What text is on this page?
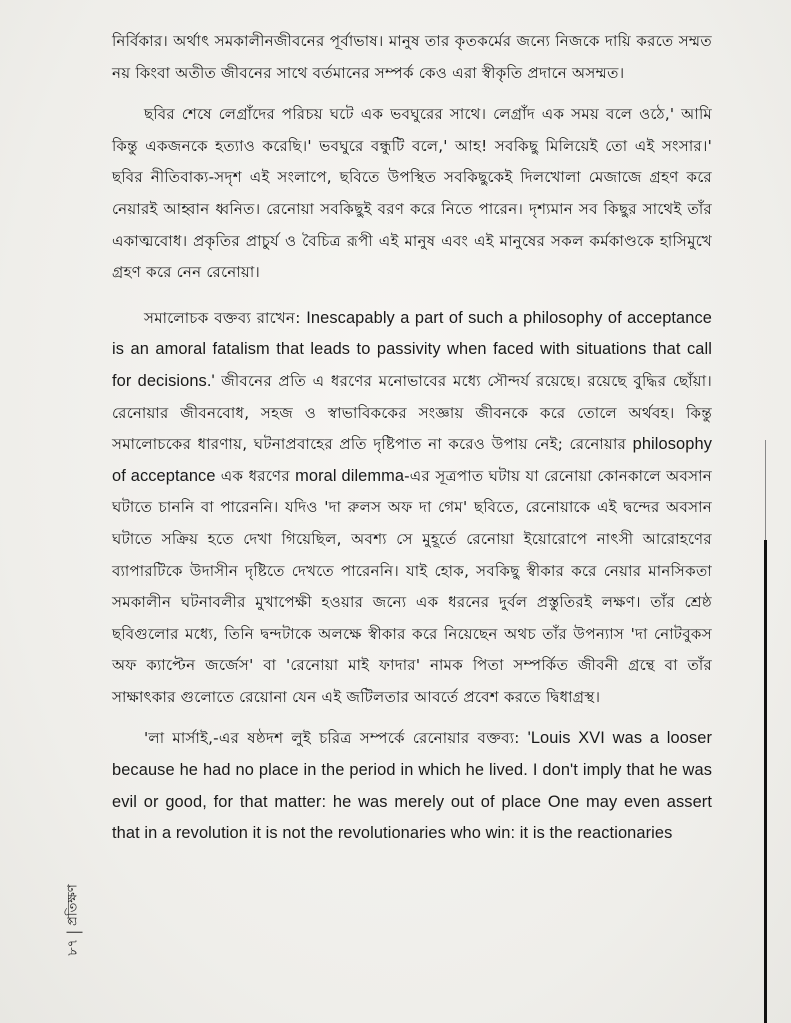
নির্বিকার। অর্থাৎ সমকালীনজীবনের পূর্বাভাষ। মানুষ তার কৃতকর্মের জন্যে নিজকে দায়ি করতে সম্মত নয় কিংবা অতীত জীবনের সাথে বর্তমানের সম্পর্ক কেও এরা স্বীকৃতি প্রদানে অসম্মত।

ছবির শেষে লেগ্রাঁদের পরিচয় ঘটে এক ভবঘুরের সাথে। লেগ্রাঁদ এক সময় বলে ওঠে,' আমি কিন্তু একজনকে হত্যাও করেছি।' ভবঘুরে বন্ধুটি বলে,' আহ! সবকিছু মিলিয়েই তো এই সংসার।' ছবির নীতিবাক্য-সদৃশ এই সংলাপে, ছবিতে উপস্থিত সবকিছুকেই দিলখোলা মেজাজে গ্রহণ করে নেয়ারই আহ্বান ধ্বনিত। রেনোয়া সবকিছুই বরণ করে নিতে পারেন। দৃশ্যমান সব কিছুর সাথেই তাঁর একাত্মবোধ। প্রকৃতির প্রাচুর্য ও বৈচিত্র রূপী এই মানুষ এবং এই মানুষের সকল কর্মকাণ্ডকে হাসিমুখে গ্রহণ করে নেন রেনোয়া।

সমালোচক বক্তব্য রাখেন: Inescapably a part of such a philosophy of acceptance is an amoral fatalism that leads to passivity when faced with situations that call for decisions.' জীবনের প্রতি এ ধরণের মনোভাবের মধ্যে সৌন্দর্য রয়েছে। রয়েছে বুদ্ধির ছোঁয়া। রেনোয়ার জীবনবোধ, সহজ ও স্বাভাবিককের সংজ্ঞায় জীবনকে করে তোলে অর্থবহ। কিন্তু সমালোচকের ধারণায়, ঘটনাপ্রবাহের প্রতি দৃষ্টিপাত না করেও উপায় নেই; রেনোয়ার philosophy of acceptance এক ধরণের moral dilemma-এর সূত্রপাত ঘটায় যা রেনোয়া কোনকালে অবসান ঘটাতে চাননি বা পারেননি। যদিও 'দা রুলস অফ দা গেম' ছবিতে, রেনোয়াকে এই দ্বন্দের অবসান ঘটাতে সক্রিয় হতে দেখা গিয়েছিল, অবশ্য সে মুহূর্তে রেনোয়া ইয়োরোপে নাৎসী আরোহণের ব্যাপারটিকে উদাসীন দৃষ্টিতে দেখতে পারেননি। যাই হোক, সবকিছু স্বীকার করে নেয়ার মানসিকতা সমকালীন ঘটনাবলীর মুখাপেক্ষী হওয়ার জন্যে এক ধরনের দুর্বল প্রস্তুতিরই লক্ষণ। তাঁর শ্রেষ্ঠ ছবিগুলোর মধ্যে, তিনি দ্বন্দটাকে অলক্ষে স্বীকার করে নিয়েছেন অথচ তাঁর উপন্যাস 'দা নোটবুকস অফ ক্যাপ্টেন জর্জেস' বা 'রেনোয়া মাই ফাদার' নামক পিতা সম্পর্কিত জীবনী গ্রন্থে বা তাঁর সাক্ষাৎকার গুলোতে রেয়োনা যেন এই জটিলতার আবর্তে প্রবেশ করতে দ্বিধাগ্রস্থ।

'লা মার্সাই,-এর ষষ্ঠদশ লুই চরিত্র সম্পর্কে রেনোয়ার বক্তব্য: 'Louis XVI was a looser because he had no place in the period in which he lived. I don't imply that he was evil or good, for that matter: he was merely out of place One may even assert that in a revolution it is not the revolutionaries who win: it is the reactionaries

৮৭
প্রতিক্ষণ
